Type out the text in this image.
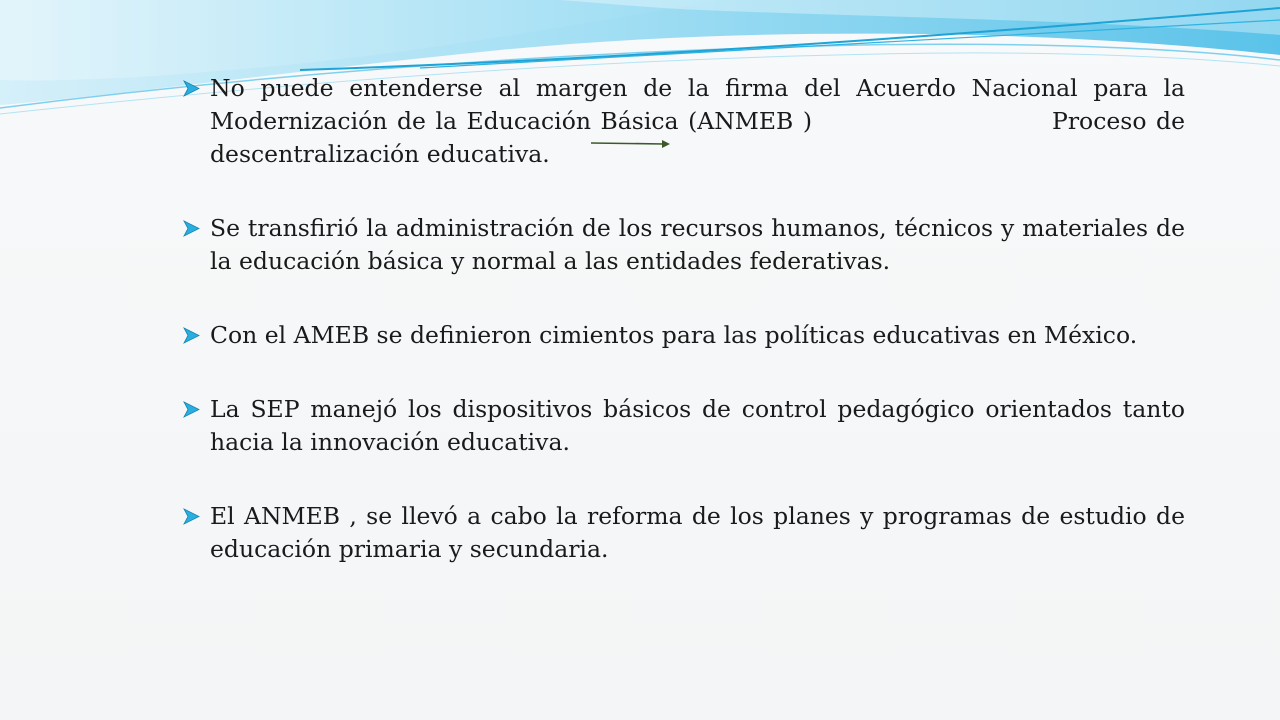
No puede entenderse al margen de la firma del Acuerdo Nacional para la Modernización de la Educación Básica (ANMEB )	Proceso de descentralización educativa.

Se transfirió la administración de los recursos humanos, técnicos y materiales de la educación básica y normal a las entidades federativas.

Con el AMEB se definieron cimientos para las políticas educativas en México.

La SEP manejó los dispositivos básicos de control pedagógico orientados tanto hacia la innovación educativa.

El ANMEB , se llevó a cabo la reforma de los planes y programas de estudio de educación primaria y secundaria.
